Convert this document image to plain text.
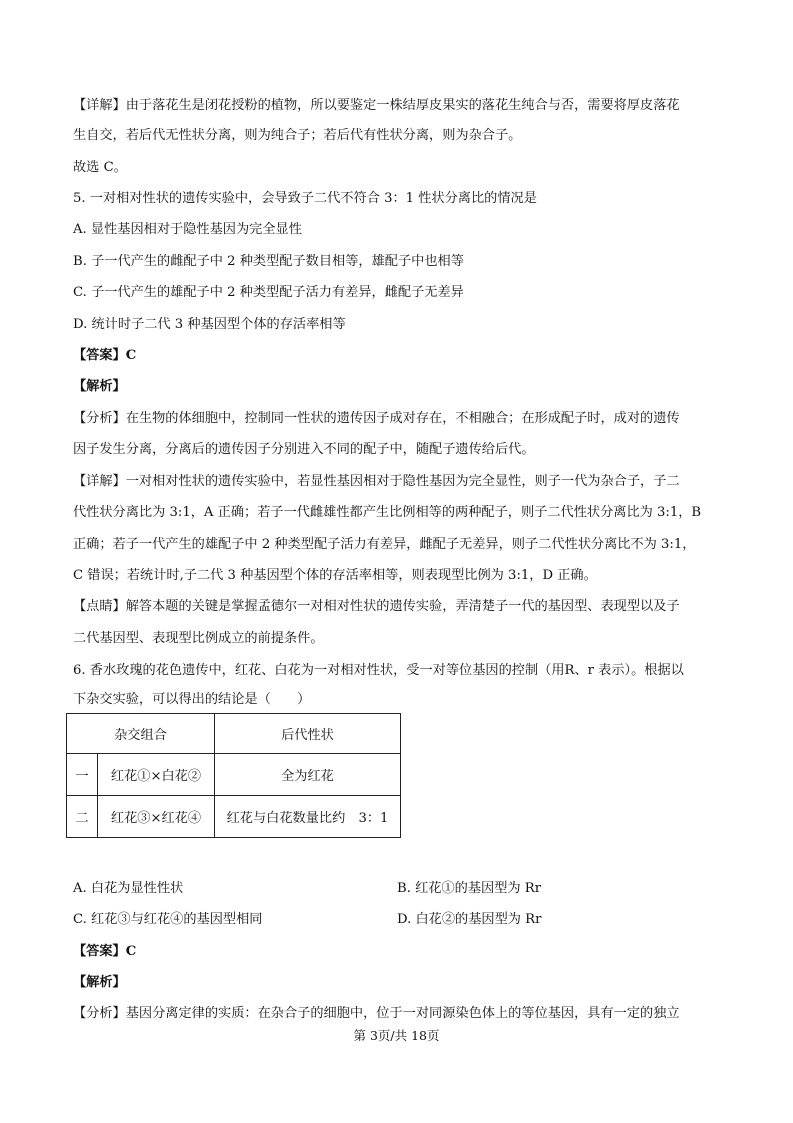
【详解】由于落花生是闭花授粉的植物，所以要鉴定一株结厚皮果实的落花生纯合与否，需要将厚皮落花
生自交，若后代无性状分离，则为纯合子；若后代有性状分离，则为杂合子。
故选 C。
5. 一对相对性状的遗传实验中，会导致子二代不符合 3：1 性状分离比的情况是
A. 显性基因相对于隐性基因为完全显性
B. 子一代产生的雌配子中 2 种类型配子数目相等，雄配子中也相等
C. 子一代产生的雄配子中 2 种类型配子活力有差异，雌配子无差异
D. 统计时子二代 3 种基因型个体的存活率相等
【答案】C
【解析】
【分析】在生物的体细胞中，控制同一性状的遗传因子成对存在，不相融合；在形成配子时，成对的遗传
因子发生分离，分离后的遗传因子分别进入不同的配子中，随配子遗传给后代。
【详解】一对相对性状的遗传实验中，若显性基因相对于隐性基因为完全显性，则子一代为杂合子，子二
代性状分离比为 3:1，A 正确；若子一代雌雄性都产生比例相等的两种配子，则子二代性状分离比为 3:1，B
正确；若子一代产生的雄配子中 2 种类型配子活力有差异，雌配子无差异，则子二代性状分离比不为 3:1，
C 错误；若统计时,子二代 3 种基因型个体的存活率相等，则表现型比例为 3:1，D 正确。
【点睛】解答本题的关键是掌握孟德尔一对相对性状的遗传实验，弄清楚子一代的基因型、表现型以及子
二代基因型、表现型比例成立的前提条件。
6. 香水玫瑰的花色遗传中，红花、白花为一对相对性状，受一对等位基因的控制（用R、r 表示）。根据以
下杂交实验，可以得出的结论是（　　）
杂交组合		后代性状
一	红花①×白花②	全为红花
二	红花③×红花④	红花与白花数量比约　3：1
A. 白花为显性性状	B. 红花①的基因型为 Rr
C. 红花③与红花④的基因型相同	D. 白花②的基因型为 Rr
【答案】C
【解析】
【分析】基因分离定律的实质：在杂合子的细胞中，位于一对同源染色体上的等位基因，具有一定的独立
第 3页/共 18页
